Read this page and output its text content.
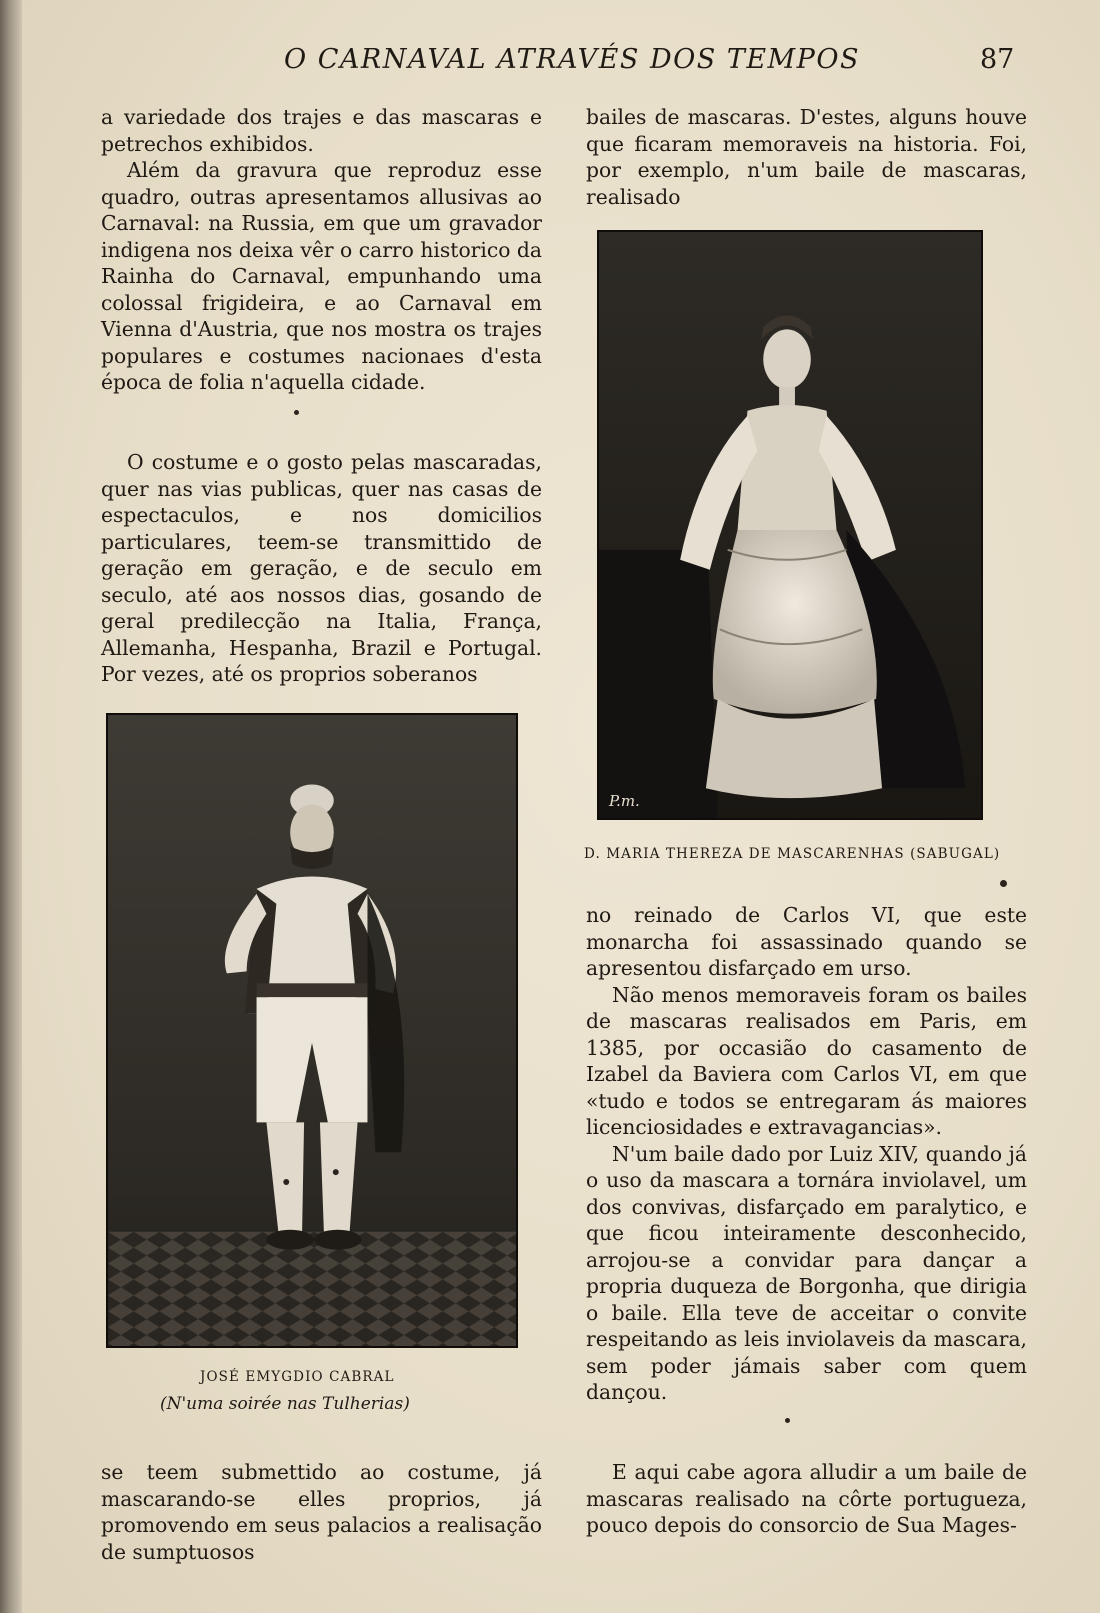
O CARNAVAL ATRAVÉS DOS TEMPOS	87

a variedade dos trajes e das mascaras e petrechos exhibidos.

Além da gravura que reproduz esse quadro, outras apresentamos allusivas ao Carnaval: na Russia, em que um gravador indigena nos deixa vêr o carro historico da Rainha do Carnaval, empunhando uma colossal frigideira, e ao Carnaval em Vienna d'Austria, que nos mostra os trajes populares e costumes nacionaes d'esta época de folia n'aquella cidade.

O costume e o gosto pelas mascaradas, quer nas vias publicas, quer nas casas de espectaculos, e nos domicilios particulares, teem-se transmittido de geração em geração, e de seculo em seculo, até aos nossos dias, gosando de geral predilecção na Italia, França, Allemanha, Hespanha, Brazil e Portugal. Por vezes, até os proprios soberanos

JOSÉ EMYGDIO CABRAL
(N'uma soirée nas Tulherias)

se teem submettido ao costume, já mascarando-se elles proprios, já promovendo em seus palacios a realisação de sumptuosos

bailes de mascaras. D'estes, alguns houve que ficaram memoraveis na historia. Foi, por exemplo, n'um baile de mascaras, realisado

P.m.
D. MARIA THEREZA DE MASCARENHAS (SABUGAL)

no reinado de Carlos VI, que este monarcha foi assassinado quando se apresentou disfarçado em urso.

Não menos memoraveis foram os bailes de mascaras realisados em Paris, em 1385, por occasião do casamento de Izabel da Baviera com Carlos VI, em que «tudo e todos se entregaram ás maiores licenciosidades e extravagancias».

N'um baile dado por Luiz XIV, quando já o uso da mascara a tornára inviolavel, um dos convivas, disfarçado em paralytico, e que ficou inteiramente desconhecido, arrojou-se a convidar para dançar a propria duqueza de Borgonha, que dirigia o baile. Ella teve de acceitar o convite respeitando as leis inviolaveis da mascara, sem poder jámais saber com quem dançou.

E aqui cabe agora alludir a um baile de mascaras realisado na côrte portugueza, pouco depois do consorcio de Sua Mages-
